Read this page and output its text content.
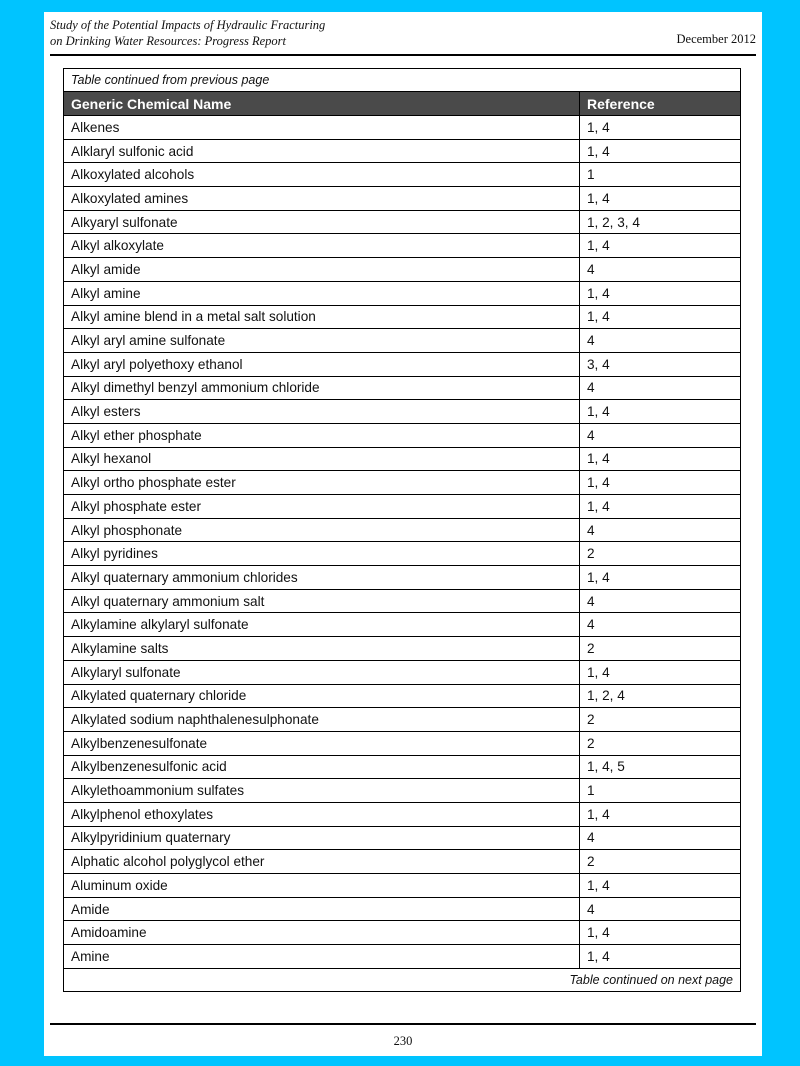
Study of the Potential Impacts of Hydraulic Fracturing
on Drinking Water Resources: Progress Report	December 2012
Table continued from previous page	
Generic Chemical Name	Reference
Alkenes	1, 4
Alklaryl sulfonic acid	1, 4
Alkoxylated alcohols	1
Alkoxylated amines	1, 4
Alkyaryl sulfonate	1, 2, 3, 4
Alkyl alkoxylate	1, 4
Alkyl amide	4
Alkyl amine	1, 4
Alkyl amine blend in a metal salt solution	1, 4
Alkyl aryl amine sulfonate	4
Alkyl aryl polyethoxy ethanol	3, 4
Alkyl dimethyl benzyl ammonium chloride	4
Alkyl esters	1, 4
Alkyl ether phosphate	4
Alkyl hexanol	1, 4
Alkyl ortho phosphate ester	1, 4
Alkyl phosphate ester	1, 4
Alkyl phosphonate	4
Alkyl pyridines	2
Alkyl quaternary ammonium chlorides	1, 4
Alkyl quaternary ammonium salt	4
Alkylamine alkylaryl sulfonate	4
Alkylamine salts	2
Alkylaryl sulfonate	1, 4
Alkylated quaternary chloride	1, 2, 4
Alkylated sodium naphthalenesulphonate	2
Alkylbenzenesulfonate	2
Alkylbenzenesulfonic acid	1, 4, 5
Alkylethoammonium sulfates	1
Alkylphenol ethoxylates	1, 4
Alkylpyridinium quaternary	4
Alphatic alcohol polyglycol ether	2
Aluminum oxide	1, 4
Amide	4
Amidoamine	1, 4
Amine	1, 4
Table continued on next page	
230
